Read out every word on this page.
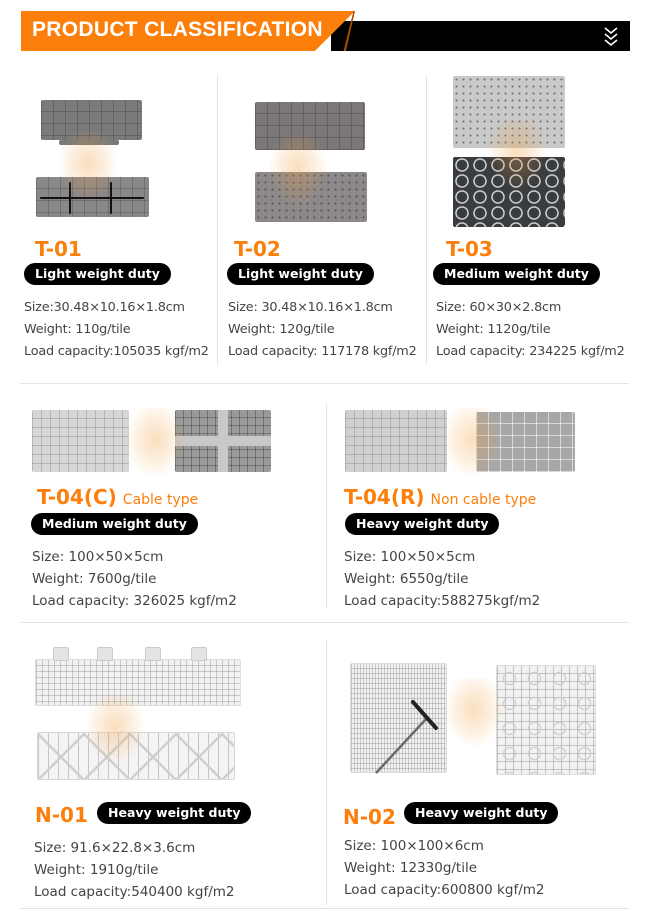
PRODUCT CLASSIFICATION
T-01
Light weight duty
Size:30.48×10.16×1.8cm
Weight: 110g/tile
Load capacity:105035 kgf/m2
T-02
Light weight duty
Size: 30.48×10.16×1.8cm
Weight: 120g/tile
Load capacity: 117178 kgf/m2
T-03
Medium weight duty
Size: 60×30×2.8cm
Weight: 1120g/tile
Load capacity: 234225 kgf/m2
T-04(C) Cable type
Medium weight duty
Size: 100×50×5cm
Weight: 7600g/tile
Load capacity: 326025 kgf/m2
T-04(R) Non cable type
Heavy weight duty
Size: 100×50×5cm
Weight: 6550g/tile
Load capacity:588275kgf/m2
N-01	Heavy weight duty
Size: 91.6×22.8×3.6cm
Weight: 1910g/tile
Load capacity:540400 kgf/m2
N-02	Heavy weight duty
Size: 100×100×6cm
Weight: 12330g/tile
Load capacity:600800 kgf/m2
